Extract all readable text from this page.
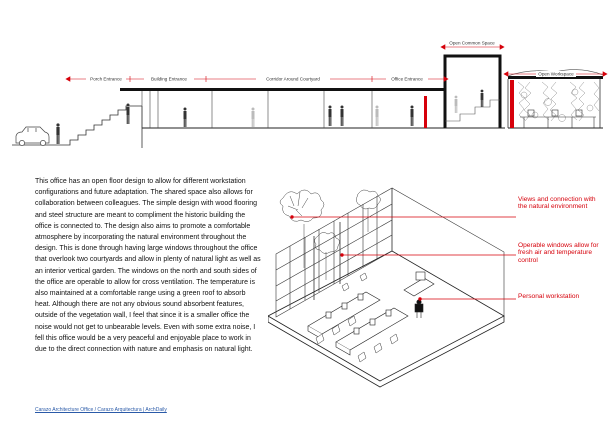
Porch Entrance	Building Entrance	Corridor Around Courtyard	Office Entrance
Open Common Space
Open Workspace

This office has an open floor design to allow for different workstation configurations and future adaptation. The shared space also allows for collaboration between colleagues. The simple design with wood flooring and steel structure are meant to compliment the historic building the office is connected to. The design also aims to promote a comfortable atmosphere by incorporating the natural environment throughout the design. This is done through having large windows throughout the office that overlook two courtyards and allow in plenty of natural light as well as an interior vertical garden. The windows on the north and south sides of the office are operable to allow for cross ventilation. The temperature is also maintained at a comfortable range using a green roof to absorb heat. Although there are not any obvious sound absorbent features, outside of the vegetation wall, I feel that since it is a smaller office the noise would not get to unbearable levels. Even with some extra noise, I fell this office would be a very peaceful and enjoyable place to work in due to the direct connection with nature and emphasis on natural light.

Carazo Architecture Office / Carazo Arquitectura | ArchDaily
Views and connection with the natural environment
Operable windows allow for fresh air and temperature control
Personal workstation
